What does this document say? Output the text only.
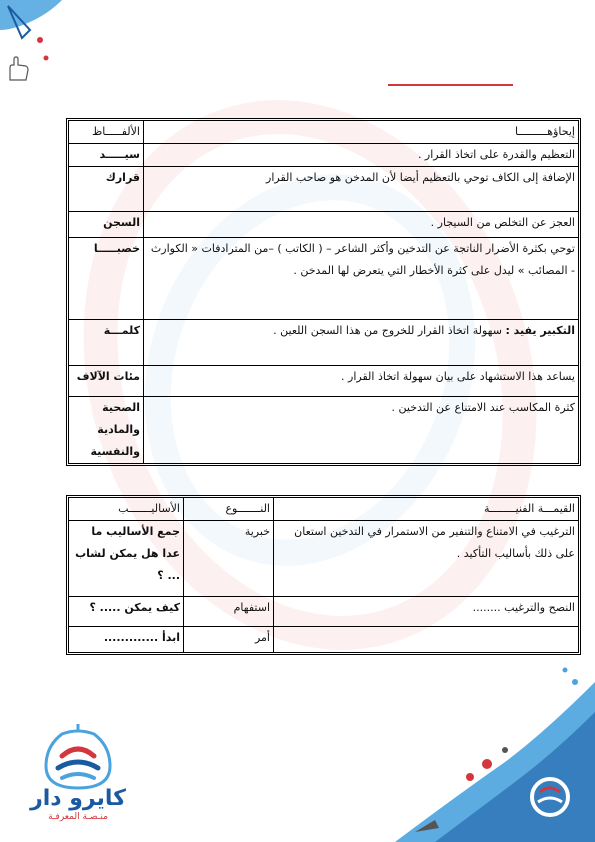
الألفـــــاظ	إيحاؤهـــــــــا
سيـــــد	التعظيم والقدرة على اتخاذ القرار .
قرارك	الإضافة إلى الكاف توحي بالتعظيم أيضا لأن المدخن هو صاحب القرار
السجن	العجز عن التخلص من السيجار .
خصبـــــا	توحي بكثرة الأضرار الناتجة عن التدخين وأكثر الشاعر – ( الكاتب ) –من المترادفات « الكوارث - المصائب » ليدل على كثرة الأخطار التي يتعرض لها المدخن .
كلمـــة	التكبير يفيد : سهولة اتخاذ القرار للخروج من هذا السجن اللعين .
مئات الآلاف	يساعد هذا الاستشهاد على بيان سهولة اتخاذ القرار .
الصحية والمادية والنفسية	كثرة المكاسب عند الامتناع عن التدخين .
الأساليـــــــب	النـــــــوع	القيمـــة الفنيــــــــة
جمع الأساليب ما عدا هل يمكن لشاب ... ؟	خبرية	الترغيب في الامتناع والتنفير من الاستمرار في التدخين استعان على ذلك بأساليب التأكيد .
كيف يمكن ..... ؟	استفهام	النصح والترغيب ........
ابدأ .............	أمر	
كايرو دار
منـصـة المعرفـة
